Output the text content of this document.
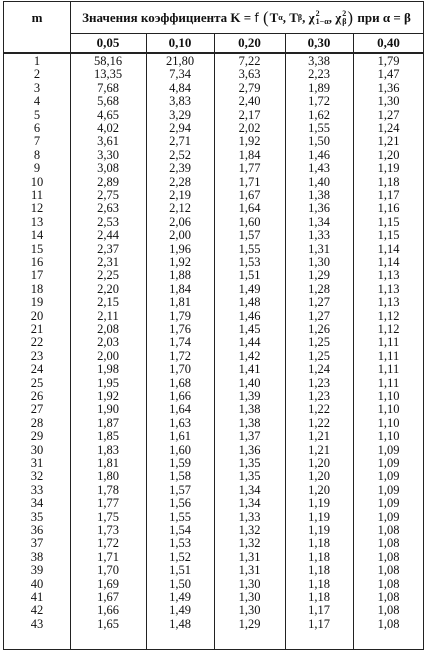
m	Значения коэффициента
K
=
f
( T α ,
T β ,
χ 2
1−α ,
χ 2
β )
при
α = β
0,05	0,10	0,20	0,30	0,40
1	58,16	21,80	7,22	3,38	1,79
2	13,35	7,34	3,63	2,23	1,47
3	7,68	4,84	2,79	1,89	1,36
4	5,68	3,83	2,40	1,72	1,30
5	4,65	3,29	2,17	1,62	1,27
6	4,02	2,94	2,02	1,55	1,24
7	3,61	2,71	1,92	1,50	1,21
8	3,30	2,52	1,84	1,46	1,20
9	3,08	2,39	1,77	1,43	1,19
10	2,89	2,28	1,71	1,40	1,18
11	2,75	2,19	1,67	1,38	1,17
12	2,63	2,12	1,64	1,36	1,16
13	2,53	2,06	1,60	1,34	1,15
14	2,44	2,00	1,57	1,33	1,15
15	2,37	1,96	1,55	1,31	1,14
16	2,31	1,92	1,53	1,30	1,14
17	2,25	1,88	1,51	1,29	1,13
18	2,20	1,84	1,49	1,28	1,13
19	2,15	1,81	1,48	1,27	1,13
20	2,11	1,79	1,46	1,27	1,12
21	2,08	1,76	1,45	1,26	1,12
22	2,03	1,74	1,44	1,25	1,11
23	2,00	1,72	1,42	1,25	1,11
24	1,98	1,70	1,41	1,24	1,11
25	1,95	1,68	1,40	1,23	1,11
26	1,92	1,66	1,39	1,23	1,10
27	1,90	1,64	1,38	1,22	1,10
28	1,87	1,63	1,38	1,22	1,10
29	1,85	1,61	1,37	1,21	1,10
30	1,83	1,60	1,36	1,21	1,09
31	1,81	1,59	1,35	1,20	1,09
32	1,80	1,58	1,35	1,20	1,09
33	1,78	1,57	1,34	1,20	1,09
34	1,77	1,56	1,34	1,19	1,09
35	1,75	1,55	1,33	1,19	1,09
36	1,73	1,54	1,32	1,19	1,08
37	1,72	1,53	1,32	1,18	1,08
38	1,71	1,52	1,31	1,18	1,08
39	1,70	1,51	1,31	1,18	1,08
40	1,69	1,50	1,30	1,18	1,08
41	1,67	1,49	1,30	1,18	1,08
42	1,66	1,49	1,30	1,17	1,08
43	1,65	1,48	1,29	1,17	1,08
